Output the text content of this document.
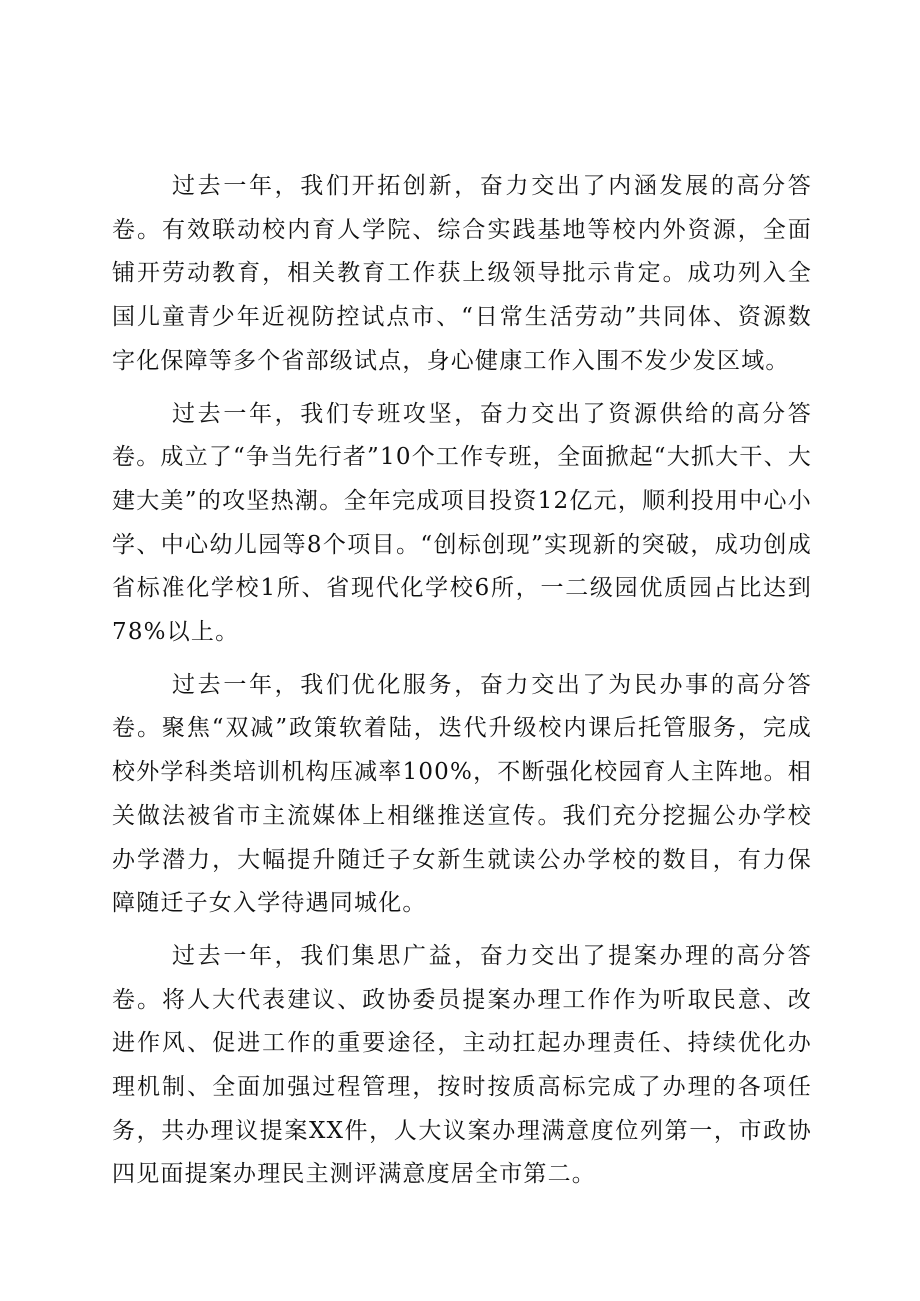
过去一年，我们开拓创新，奋力交出了内涵发展的高分答卷。有效联动校内育人学院、综合实践基地等校内外资源，全面铺开劳动教育，相关教育工作获上级领导批示肯定。成功列入全国儿童青少年近视防控试点市、“日常生活劳动”共同体、资源数字化保障等多个省部级试点，身心健康工作入围不发少发区域。

过去一年，我们专班攻坚，奋力交出了资源供给的高分答卷。成立了“争当先行者”10个工作专班，全面掀起“大抓大干、大建大美”的攻坚热潮。全年完成项目投资12亿元，顺利投用中心小学、中心幼儿园等8个项目。“创标创现”实现新的突破，成功创成省标准化学校1所、省现代化学校6所，一二级园优质园占比达到78%以上。

过去一年，我们优化服务，奋力交出了为民办事的高分答卷。聚焦“双减”政策软着陆，迭代升级校内课后托管服务，完成校外学科类培训机构压减率100%，不断强化校园育人主阵地。相关做法被省市主流媒体上相继推送宣传。我们充分挖掘公办学校办学潜力，大幅提升随迁子女新生就读公办学校的数目，有力保障随迁子女入学待遇同城化。

过去一年，我们集思广益，奋力交出了提案办理的高分答卷。将人大代表建议、政协委员提案办理工作作为听取民意、改进作风、促进工作的重要途径，主动扛起办理责任、持续优化办理机制、全面加强过程管理，按时按质高标完成了办理的各项任务，共办理议提案XX件，人大议案办理满意度位列第一，市政协四见面提案办理民主测评满意度居全市第二。
